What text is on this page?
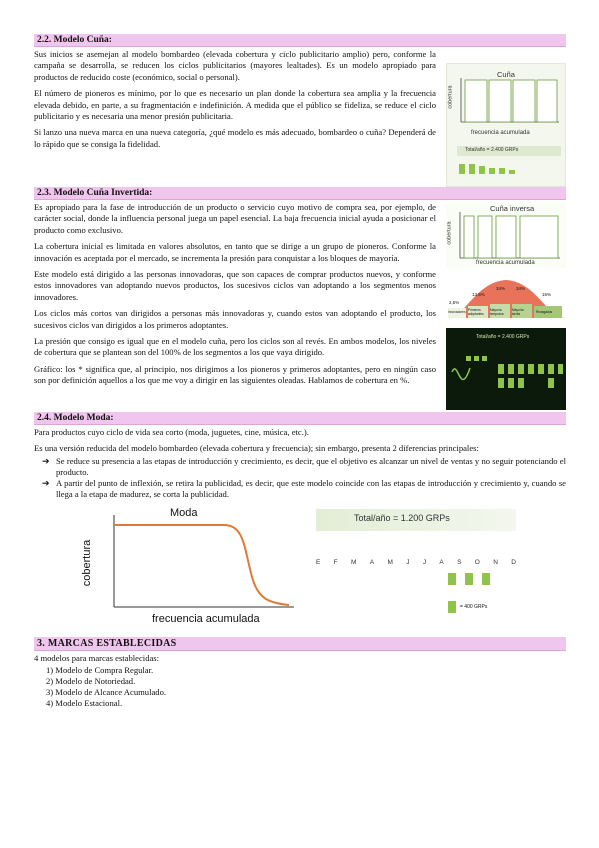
2.2. Modelo Cuña:

Sus inicios se asemejan al modelo bombardeo (elevada cobertura y ciclo publicitario amplio) pero, conforme la campaña se desarrolla, se reducen los ciclos publicitarios (mayores lealtades). Es un modelo apropiado para productos de reducido coste (económico, social o personal).

El número de pioneros es mínimo, por lo que es necesario un plan donde la cobertura sea amplia y la frecuencia elevada debido, en parte, a su fragmentación e indefinición. A medida que el público se fideliza, se reduce el ciclo publicitario y es necesaria una menor presión publicitaria.

Si lanzo una nueva marca en una nueva categoría, ¿qué modelo es más adecuado, bombardeo o cuña? Dependerá de lo rápido que se consiga la fidelidad.

Cuña
cobertura
frecuencia acumulada
Total/año = 2.400 GRPs
2.3. Modelo Cuña Invertida:

Es apropiado para la fase de introducción de un producto o servicio cuyo motivo de compra sea, por ejemplo, de carácter social, donde la influencia personal juega un papel esencial. La baja frecuencia inicial ayuda a posicionar el producto como exclusivo.

La cobertura inicial es limitada en valores absolutos, en tanto que se dirige a un grupo de pioneros. Conforme la innovación es aceptada por el mercado, se incrementa la presión para conquistar a los bloques de mayoría.

Este modelo está dirigido a las personas innovadoras, que son capaces de comprar productos nuevos, y conforme estos innovadores van adoptando nuevos productos, los sucesivos ciclos van adoptando a los segmentos menos innovadores.

Los ciclos más cortos van dirigidos a personas más innovadoras y, cuando estos van adoptando el producto, los sucesivos ciclos van dirigidos a los primeros adoptantes.

La presión que consigo es igual que en el modelo cuña, pero los ciclos son al revés. En ambos modelos, los niveles de cobertura que se plantean son del 100% de los segmentos a los que vaya dirigido.

Gráfico: los * significa que, al principio, nos dirigimos a los pioneros y primeros adoptantes, pero en ningún caso son por definición aquellos a los que me voy a dirigir en las siguientes oleadas. Hablamos de cobertura en %.

Cuña inversa
cobertura
frecuencia acumulada
2,5%
13,5%
34% 34%
16%
Innovadores Primeros adoptantes
Mayoría temprana
Mayoría tardía	Rezagados
Total/año = 2.400 GRPs
2.4. Modelo Moda:

Para productos cuyo ciclo de vida sea corto (moda, juguetes, cine, música, etc.).

Es una versión reducida del modelo bombardeo (elevada cobertura y frecuencia); sin embargo, presenta 2 diferencias principales:

➔ Se reduce su presencia a las etapas de introducción y crecimiento, es decir, que el objetivo es alcanzar un nivel de ventas y no seguir potenciando el producto.
➔ A partir del punto de inflexión, se retira la publicidad, es decir, que este modelo coincide con las etapas de introducción y crecimiento y, cuando se llega a la etapa de madurez, se corta la publicidad.
Moda
cobertura
frecuencia acumulada
Total/año = 1.200 GRPs
E F M A M J J A S O N D
= 400 GRPs
3. MARCAS ESTABLECIDAS

4 modelos para marcas establecidas:

1) Modelo de Compra Regular.
2) Modelo de Notoriedad.
3) Modelo de Alcance Acumulado.
4) Modelo Estacional.
